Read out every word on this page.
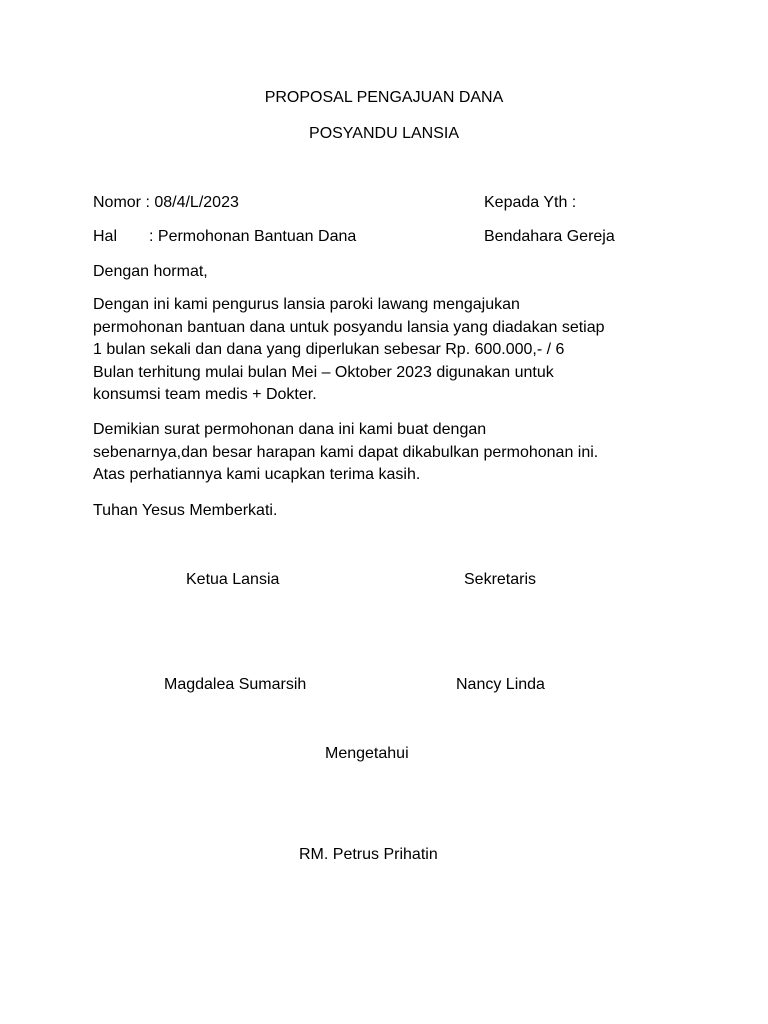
PROPOSAL PENGAJUAN DANA
POSYANDU LANSIA
Nomor : 08/4/L/2023	Kepada Yth :
Hal : Permohonan Bantuan Dana	Bendahara Gereja
Dengan hormat,
Dengan ini kami pengurus lansia paroki lawang mengajukan
permohonan bantuan dana untuk posyandu lansia yang diadakan setiap
1 bulan sekali dan dana yang diperlukan sebesar Rp. 600.000,- / 6
Bulan terhitung mulai bulan Mei – Oktober 2023 digunakan untuk
konsumsi team medis + Dokter.
Demikian surat permohonan dana ini kami buat dengan
sebenarnya,dan besar harapan kami dapat dikabulkan permohonan ini.
Atas perhatiannya kami ucapkan terima kasih.
Tuhan Yesus Memberkati.
Ketua Lansia	Sekretaris
Magdalea Sumarsih	Nancy Linda
Mengetahui
RM. Petrus Prihatin
